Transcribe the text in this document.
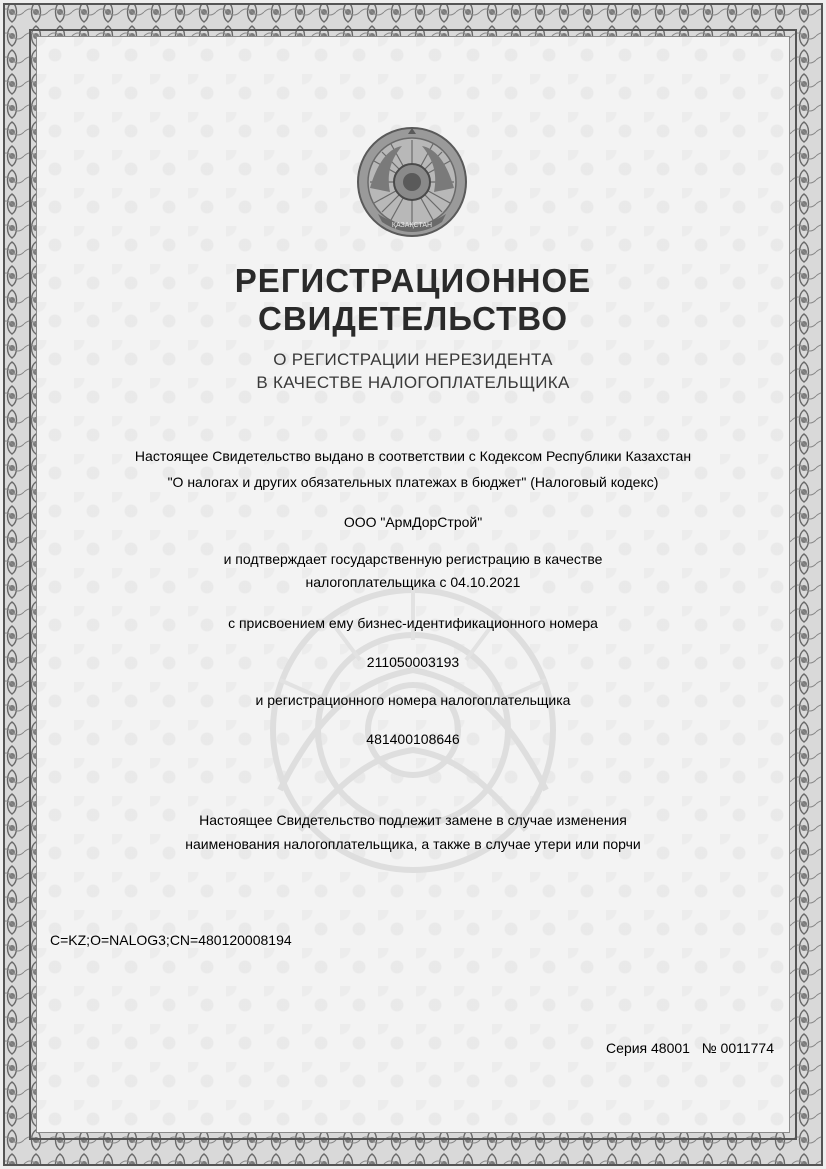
ҚАЗАҚСТАН
РЕГИСТРАЦИОННОЕ
СВИДЕТЕЛЬСТВО
О РЕГИСТРАЦИИ НЕРЕЗИДЕНТА
В КАЧЕСТВЕ НАЛОГОПЛАТЕЛЬЩИКА
Настоящее Свидетельство выдано в соответствии с Кодексом Республики Казахстан
"О налогах и других обязательных платежах в бюджет" (Налоговый кодекс)
ООО "АрмДорСтрой"
и подтверждает государственную регистрацию в качестве
налогоплательщика с 04.10.2021
с присвоением ему бизнес-идентификационного номера
211050003193
и регистрационного номера налогоплательщика
481400108646
Настоящее Свидетельство подлежит замене в случае изменения
наименования налогоплательщика, а также в случае утери или порчи
C=KZ;O=NALOG3;CN=480120008194
Серия 48001   № 0011774
